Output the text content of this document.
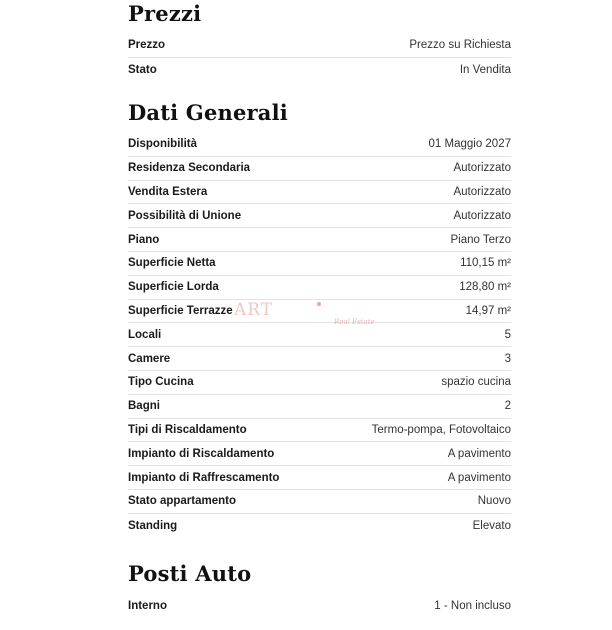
Prezzi
Prezzo	Prezzo su Richiesta
Stato	In Vendita
Dati Generali
Disponibilità	01 Maggio 2027
Residenza Secondaria	Autorizzato
Vendita Estera	Autorizzato
Possibilità di Unione	Autorizzato
Piano	Piano Terzo
Superficie Netta	110,15 m²
Superficie Lorda	128,80 m²
Superficie Terrazze	14,97 m²
Locali	5
Camere	3
Tipo Cucina	spazio cucina
Bagni	2
Tipi di Riscaldamento	Termo-pompa, Fotovoltaico
Impianto di Riscaldamento	A pavimento
Impianto di Raffrescamento	A pavimento
Stato appartamento	Nuovo
Standing	Elevato
Posti Auto
Interno	1 - Non incluso
ART
Real Estate
